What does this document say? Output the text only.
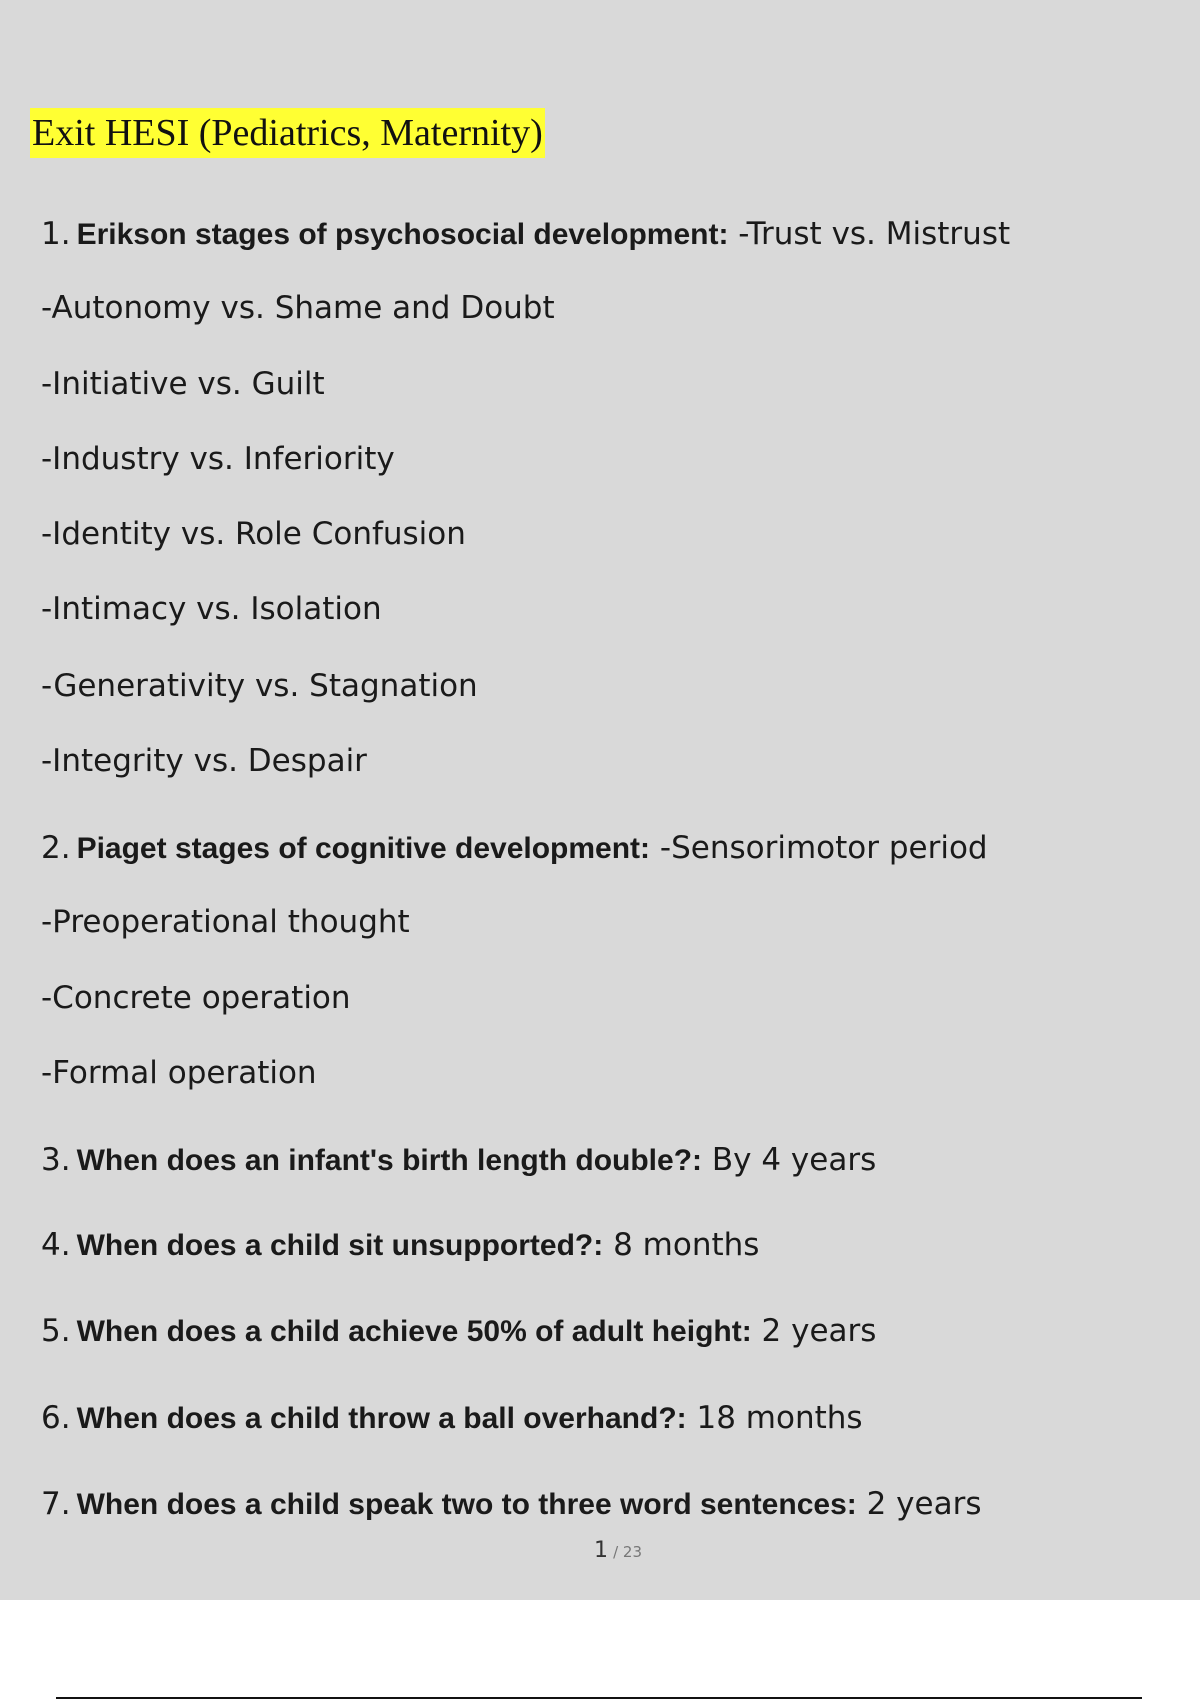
Exit HESI (Pediatrics, Maternity)
1. Erikson stages of psychosocial development: -Trust vs. Mistrust
-Autonomy vs. Shame and Doubt
-Initiative vs. Guilt
-Industry vs. Inferiority
-Identity vs. Role Confusion
-Intimacy vs. Isolation
-Generativity vs. Stagnation
-Integrity vs. Despair
2. Piaget stages of cognitive development: -Sensorimotor period
-Preoperational thought
-Concrete operation
-Formal operation
3. When does an infant's birth length double?: By 4 years
4. When does a child sit unsupported?: 8 months
5. When does a child achieve 50% of adult height: 2 years
6. When does a child throw a ball overhand?: 18 months
7. When does a child speak two to three word sentences: 2 years
1 / 23
